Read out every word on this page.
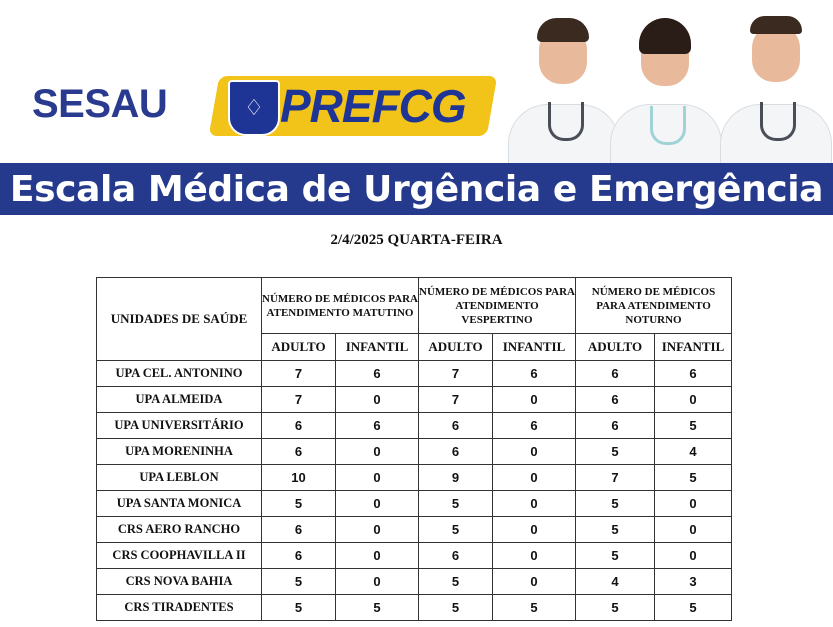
SESAU	♢ PREFCG
Escala Médica de Urgência e Emergência
2/4/2025 QUARTA-FEIRA
UNIDADES DE SAÚDE	NÚMERO DE MÉDICOS PARA ATENDIMENTO MATUTINO		NÚMERO DE MÉDICOS PARA ATENDIMENTO VESPERTINO		NÚMERO DE MÉDICOS PARA ATENDIMENTO NOTURNO	
	ADULTO	INFANTIL	ADULTO	INFANTIL	ADULTO	INFANTIL
UPA CEL. ANTONINO	7	6	7	6	6	6
UPA ALMEIDA	7	0	7	0	6	0
UPA UNIVERSITÁRIO	6	6	6	6	6	5
UPA MORENINHA	6	0	6	0	5	4
UPA LEBLON	10	0	9	0	7	5
UPA SANTA MONICA	5	0	5	0	5	0
CRS AERO RANCHO	6	0	5	0	5	0
CRS COOPHAVILLA II	6	0	6	0	5	0
CRS NOVA BAHIA	5	0	5	0	4	3
CRS TIRADENTES	5	5	5	5	5	5
